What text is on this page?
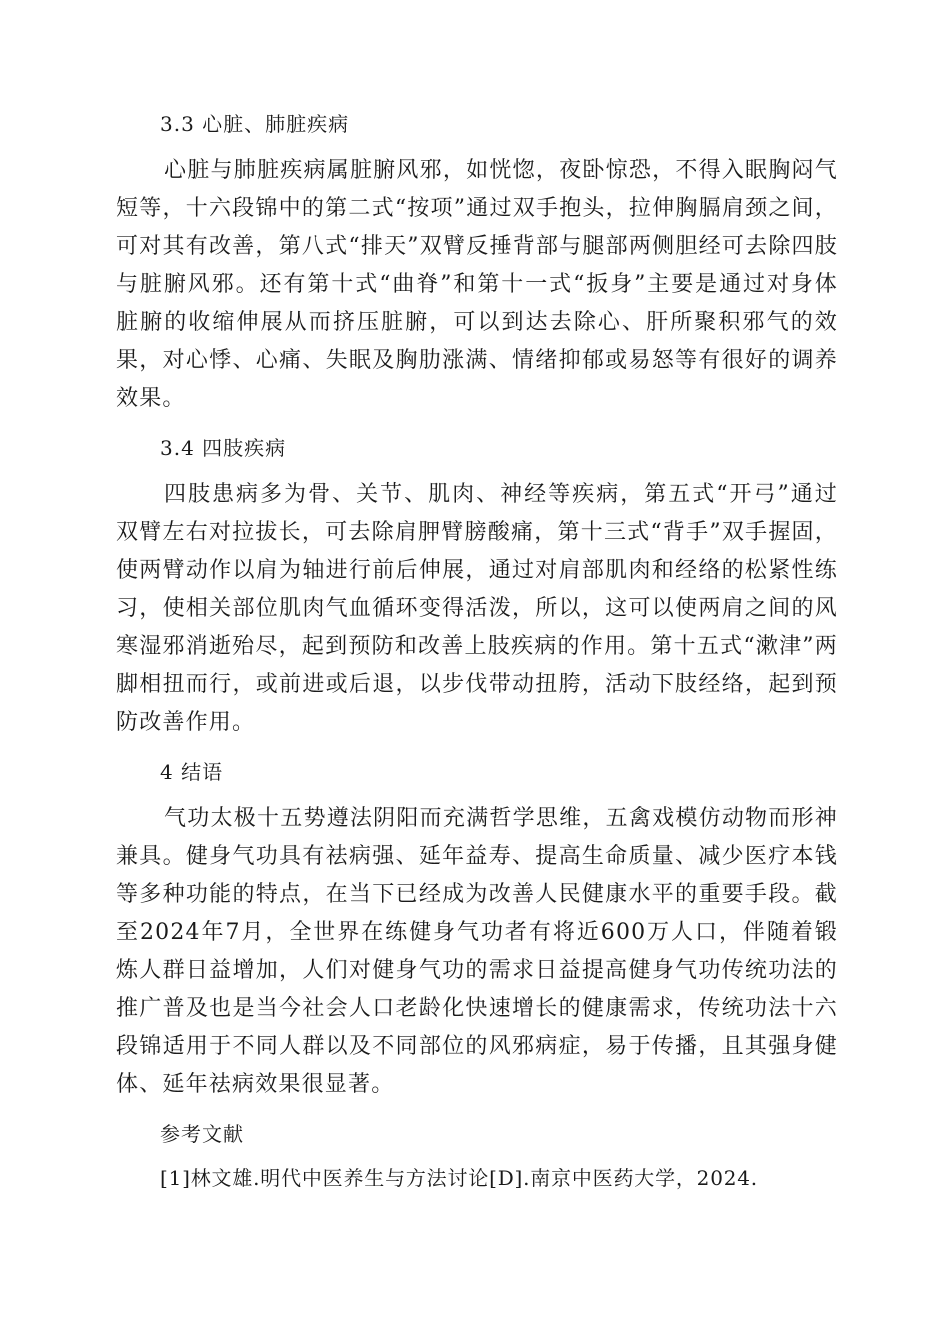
3.3 心脏、肺脏疾病

心脏与肺脏疾病属脏腑风邪，如恍惚，夜卧惊恐，不得入眠胸闷气短等，十六段锦中的第二式“按项”通过双手抱头，拉伸胸膈肩颈之间，可对其有改善，第八式“排天”双臂反捶背部与腿部两侧胆经可去除四肢与脏腑风邪。还有第十式“曲脊”和第十一式“扳身”主要是通过对身体脏腑的收缩伸展从而挤压脏腑，可以到达去除心、肝所聚积邪气的效果，对心悸、心痛、失眠及胸肋涨满、情绪抑郁或易怒等有很好的调养效果。

3.4 四肢疾病

四肢患病多为骨、关节、肌肉、神经等疾病，第五式“开弓”通过双臂左右对拉拔长，可去除肩胛臂膀酸痛，第十三式“背手”双手握固，使两臂动作以肩为轴进行前后伸展，通过对肩部肌肉和经络的松紧性练习，使相关部位肌肉气血循环变得活泼，所以，这可以使两肩之间的风寒湿邪消逝殆尽，起到预防和改善上肢疾病的作用。第十五式“漱津”两脚相扭而行，或前进或后退，以步伐带动扭胯，活动下肢经络，起到预防改善作用。

4 结语

气功太极十五势遵法阴阳而充满哲学思维，五禽戏模仿动物而形神兼具。健身气功具有祛病强、延年益寿、提高生命质量、减少医疗本钱等多种功能的特点，在当下已经成为改善人民健康水平的重要手段。截至2024年7月，全世界在练健身气功者有将近600万人口，伴随着锻炼人群日益增加，人们对健身气功的需求日益提高健身气功传统功法的推广普及也是当今社会人口老龄化快速增长的健康需求，传统功法十六段锦适用于不同人群以及不同部位的风邪病症，易于传播，且其强身健体、延年祛病效果很显著。

参考文献
[1]林文雄.明代中医养生与方法讨论[D].南京中医药大学，2024.
